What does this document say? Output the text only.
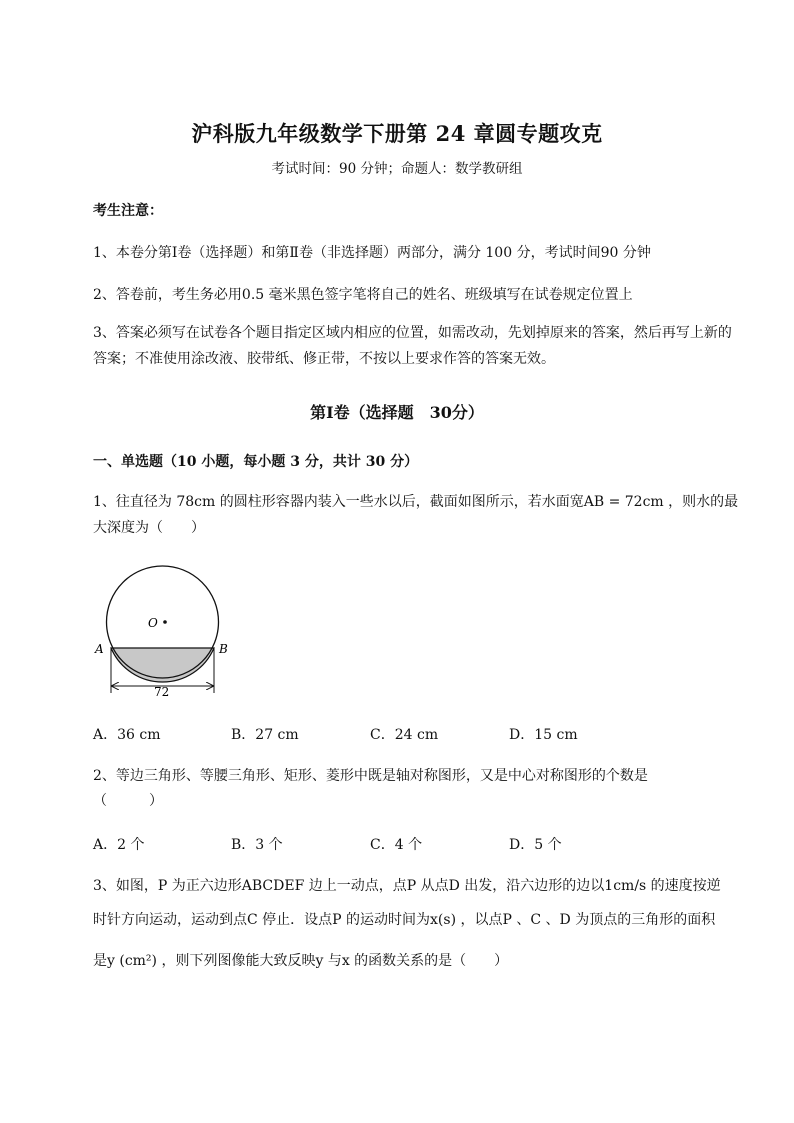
沪科版九年级数学下册第 24 章圆专题攻克
考试时间：90 分钟；命题人：数学教研组
考生注意：
1、本卷分第Ⅰ卷（选择题）和第Ⅱ卷（非选择题）两部分，满分 100 分，考试时间90 分钟
2、答卷前，考生务必用0.5 毫米黑色签字笔将自己的姓名、班级填写在试卷规定位置上
3、答案必须写在试卷各个题目指定区域内相应的位置，如需改动，先划掉原来的答案，然后再写上新的答案；不准使用涂改液、胶带纸、修正带，不按以上要求作答的答案无效。
第Ⅰ卷（选择题　30分）
一、单选题（10 小题，每小题 3 分，共计 30 分）
1、往直径为 78cm 的圆柱形容器内装入一些水以后，截面如图所示，若水面宽AB = 72cm ，则水的最大深度为（　　）
O
A	B
72
A．36 cm	B．27 cm	C．24 cm	D．15 cm
2、等边三角形、等腰三角形、矩形、菱形中既是轴对称图形，又是中心对称图形的个数是
（　　　）
A．2 个	B．3 个	C．4 个	D．5 个
3、如图，P 为正六边形ABCDEF 边上一动点，点P 从点D 出发，沿六边形的边以1cm/s 的速度按逆
时针方向运动，运动到点C 停止．设点P 的运动时间为x(s) ，以点P 、C 、D 为顶点的三角形的面积
是y (cm²) ，则下列图像能大致反映y 与x 的函数关系的是（　　）
